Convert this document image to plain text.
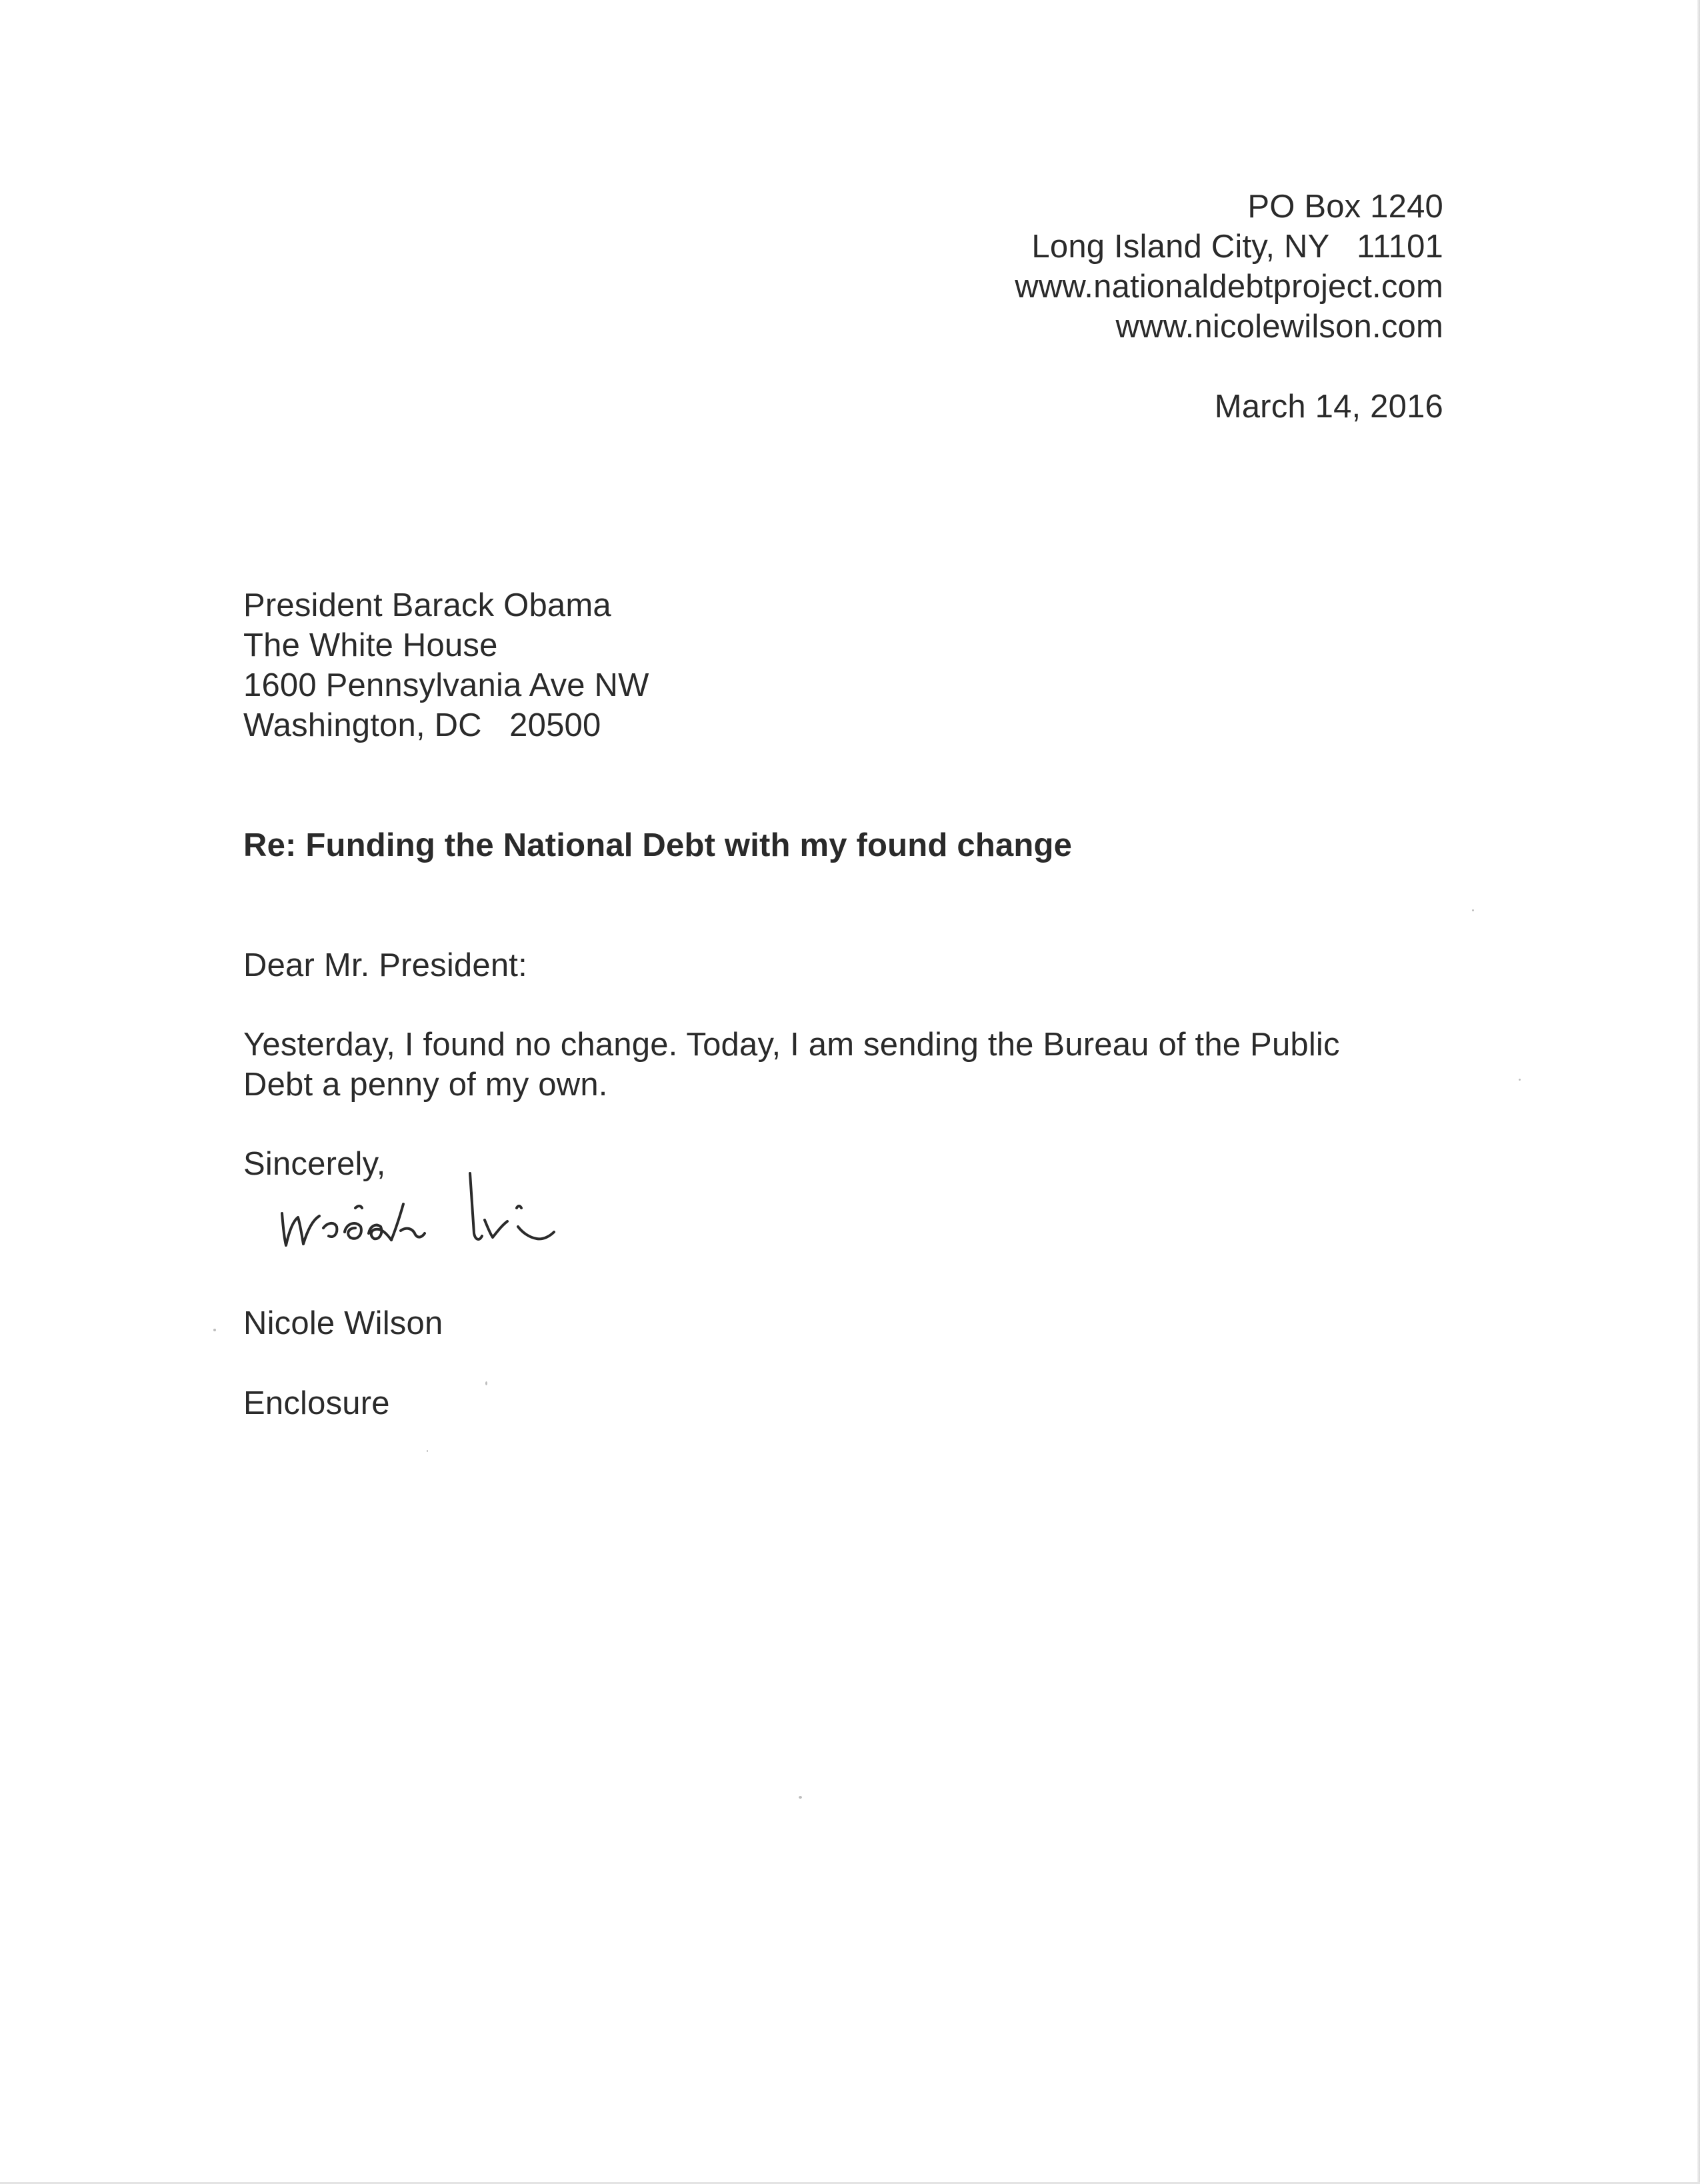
PO Box 1240
Long Island City, NY   11101
www.nationaldebtproject.com
www.nicolewilson.com
March 14, 2016
President Barack Obama
The White House
1600 Pennsylvania Ave NW
Washington, DC   20500
Re: Funding the National Debt with my found change
Dear Mr. President:
Yesterday, I found no change. Today, I am sending the Bureau of the Public
Debt a penny of my own.
Sincerely,
Nicole Wilson
Enclosure
